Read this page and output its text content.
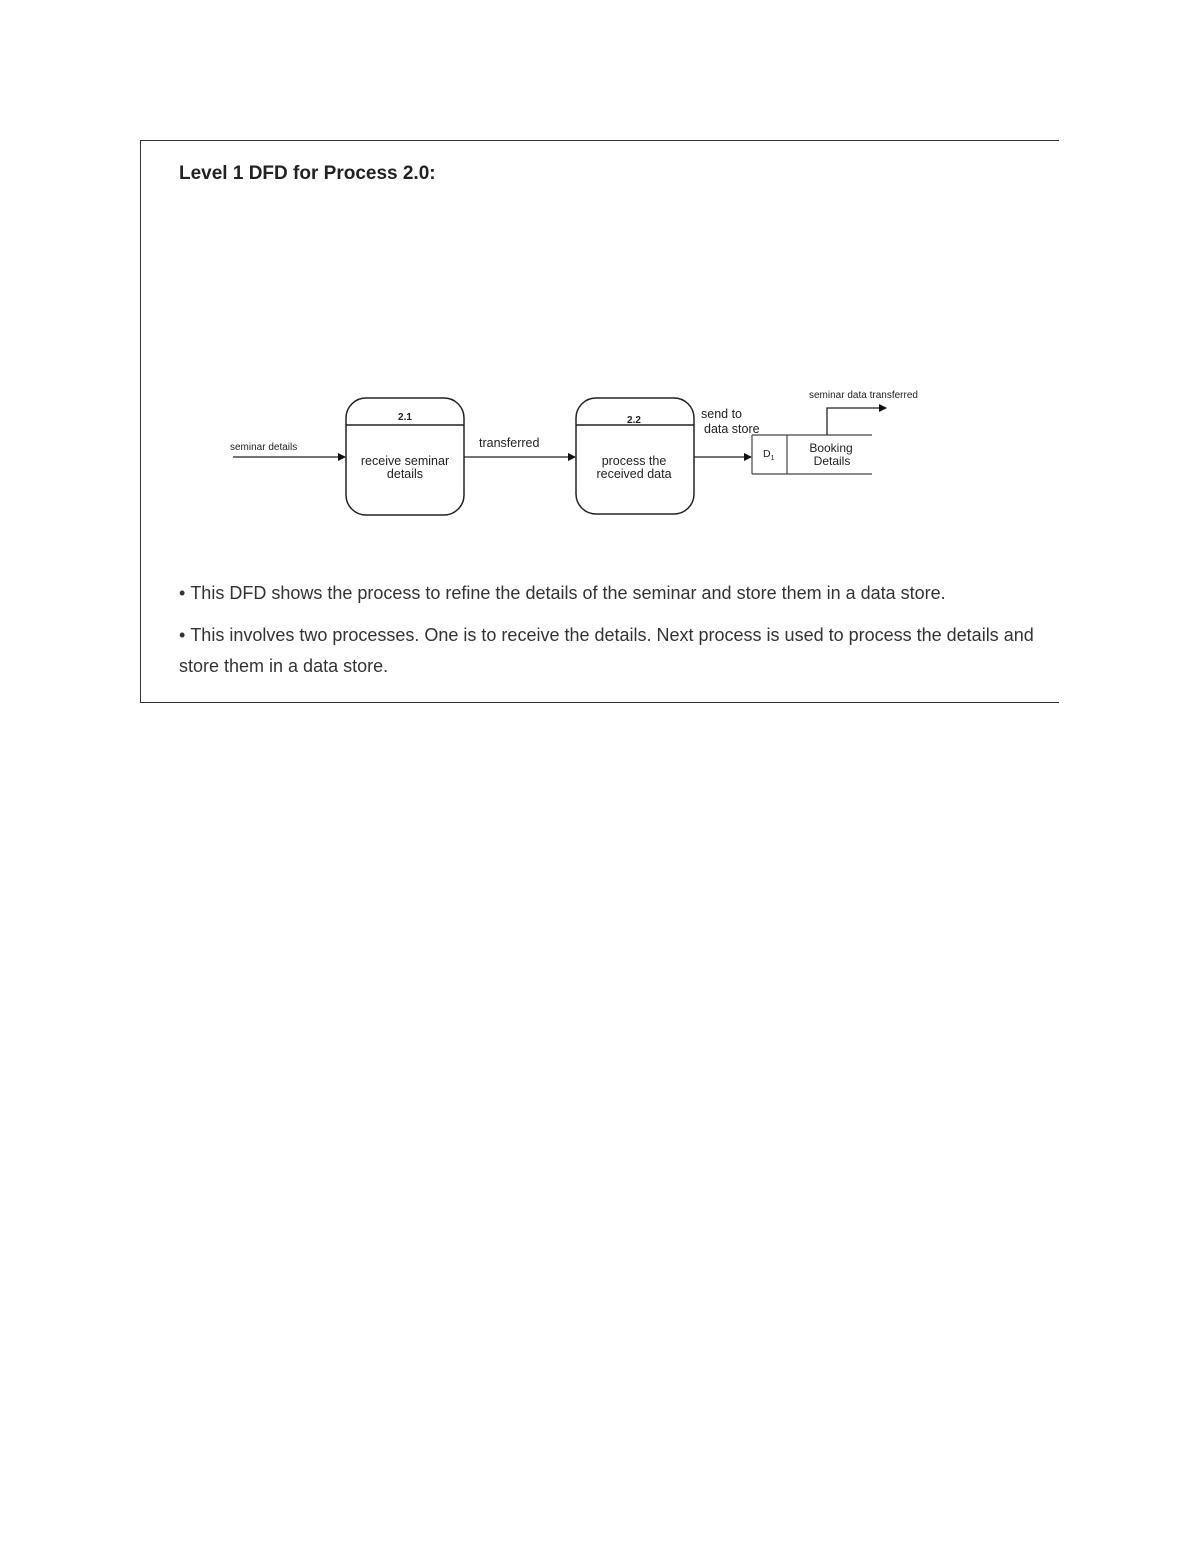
Level 1 DFD for Process 2.0:
seminar details
2.1
receive seminar
details
transferred
2.2
process the
received data
send to
data store
$D_1$
Booking
Details
seminar data transferred
• This DFD shows the process to refine the details of the seminar and store them in a data store.
• This involves two processes. One is to receive the details. Next process is used to process the details and store them in a data store.
